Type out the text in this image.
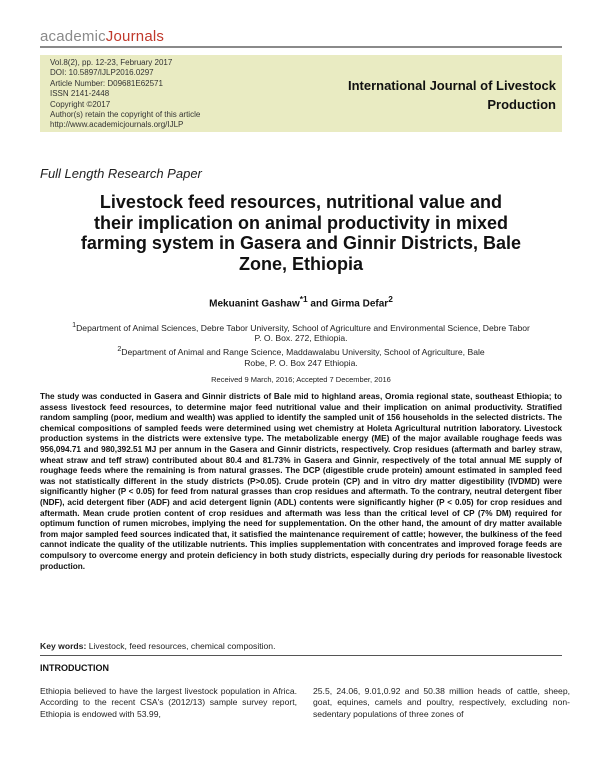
academicJournals
Vol.8(2), pp. 12-23, February 2017
DOI: 10.5897/IJLP2016.0297
Article Number: D09681E62571
ISSN 2141-2448
Copyright ©2017
Author(s) retain the copyright of this article
http://www.academicjournals.org/IJLP
International Journal of Livestock Production
Full Length Research Paper
Livestock feed resources, nutritional value and their implication on animal productivity in mixed farming system in Gasera and Ginnir Districts, Bale Zone, Ethiopia
Mekuanint Gashaw$^{*1}$ and Girma Defar$^2$
$^1$Department of Animal Sciences, Debre Tabor University, School of Agriculture and Environmental Science, Debre Tabor P. O. Box. 272, Ethiopia.
$^2$Department of Animal and Range Science, Maddawalabu University, School of Agriculture, Bale Robe, P. O. Box 247 Ethiopia.
Received 9 March, 2016; Accepted 7 December, 2016
The study was conducted in Gasera and Ginnir districts of Bale mid to highland areas, Oromia regional state, southeast Ethiopia; to assess livestock feed resources, to determine major feed nutritional value and their implication on animal productivity. Stratified random sampling (poor, medium and wealth) was applied to identify the sampled unit of 156 households in the selected districts. The chemical compositions of sampled feeds were determined using wet chemistry at Holeta Agricultural nutrition laboratory. Livestock production systems in the districts were extensive type. The metabolizable energy (ME) of the major available roughage feeds was 956,094.71 and 980,392.51 MJ per annum in the Gasera and Ginnir districts, respectively. Crop residues (aftermath and barley straw, wheat straw and teff straw) contributed about 80.4 and 81.73% in Gasera and Ginnir, respectively of the total annual ME supply of roughage feeds where the remaining is from natural grasses. The DCP (digestible crude protein) amount estimated in sampled feed was not statistically different in the study districts (P>0.05). Crude protein (CP) and in vitro dry matter digestibility (IVDMD) were significantly higher (P < 0.05) for feed from natural grasses than crop residues and aftermath. To the contrary, neutral detergent fiber (NDF), acid detergent fiber (ADF) and acid detergent lignin (ADL) contents were significantly higher (P < 0.05) for crop residues and aftermath. Mean crude protien content of crop residues and aftermath was less than the critical level of CP (7% DM) required for optimum function of rumen microbes, implying the need for supplementation. On the other hand, the amount of dry matter available from major sampled feed sources indicated that, it satisfied the maintenance requirement of cattle; however, the bulkiness of the feed cannot indicate the quality of the utilizable nutrients. This implies supplementation with concentrates and improved forage feeds are compulsory to overcome energy and protein deficiency in both study districts, especially during dry periods for reasonable livestock production.
Key words: Livestock, feed resources, chemical composition.
INTRODUCTION
Ethiopia believed to have the largest livestock population in Africa. According to the recent CSA's (2012/13) sample survey report, Ethiopia is endowed with 53.99,
25.5, 24.06, 9.01,0.92 and 50.38 million heads of cattle, sheep, goat, equines, camels and poultry, respectively, excluding non-sedentary populations of three zones of
